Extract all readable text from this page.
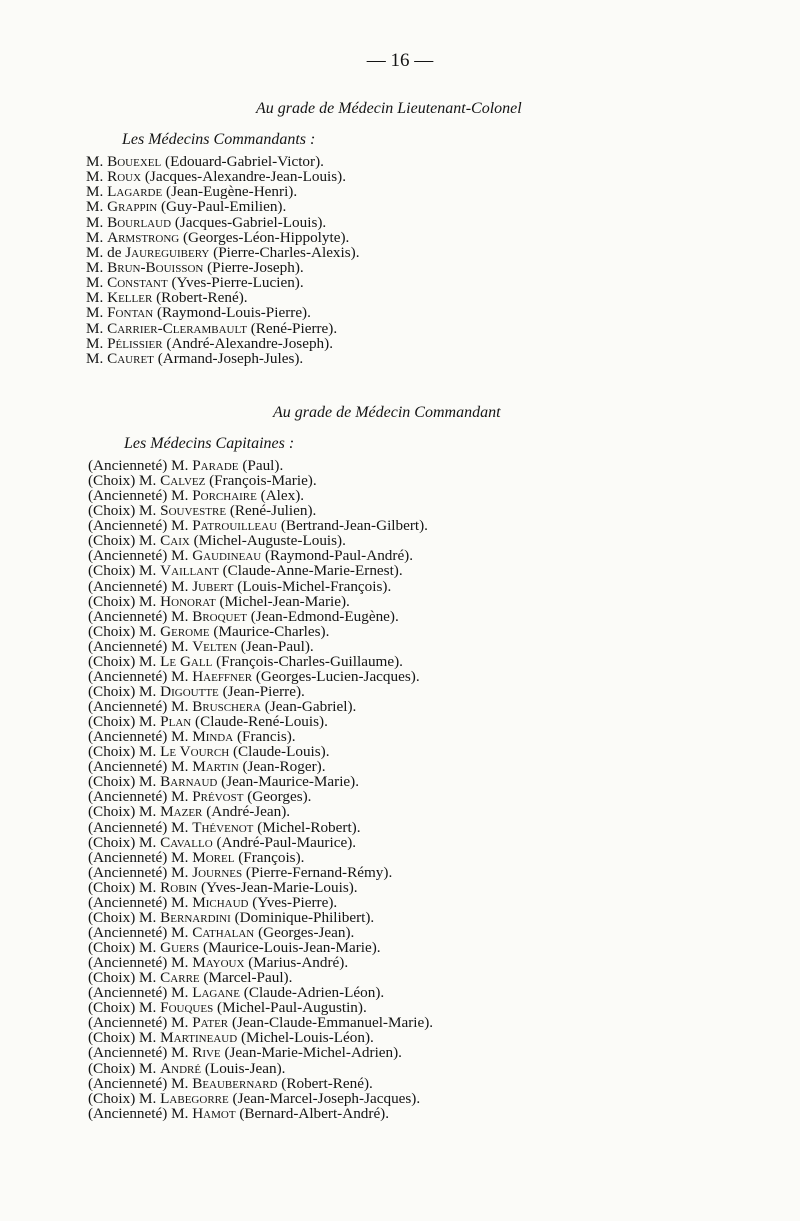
— 16 —
Au grade de Médecin Lieutenant-Colonel
Les Médecins Commandants :
M. Bouexel (Edouard-Gabriel-Victor).
M. Roux (Jacques-Alexandre-Jean-Louis).
M. Lagarde (Jean-Eugène-Henri).
M. Grappin (Guy-Paul-Emilien).
M. Bourlaud (Jacques-Gabriel-Louis).
M. Armstrong (Georges-Léon-Hippolyte).
M. de Jaureguibery (Pierre-Charles-Alexis).
M. Brun-Bouisson (Pierre-Joseph).
M. Constant (Yves-Pierre-Lucien).
M. Keller (Robert-René).
M. Fontan (Raymond-Louis-Pierre).
M. Carrier-Clerambault (René-Pierre).
M. Pélissier (André-Alexandre-Joseph).
M. Cauret (Armand-Joseph-Jules).
Au grade de Médecin Commandant
Les Médecins Capitaines :
(Ancienneté) M. Parade (Paul).
(Choix) M. Calvez (François-Marie).
(Ancienneté) M. Porchaire (Alex).
(Choix) M. Souvestre (René-Julien).
(Ancienneté) M. Patrouilleau (Bertrand-Jean-Gilbert).
(Choix) M. Caix (Michel-Auguste-Louis).
(Ancienneté) M. Gaudineau (Raymond-Paul-André).
(Choix) M. Vaillant (Claude-Anne-Marie-Ernest).
(Ancienneté) M. Jubert (Louis-Michel-François).
(Choix) M. Honorat (Michel-Jean-Marie).
(Ancienneté) M. Broquet (Jean-Edmond-Eugène).
(Choix) M. Gerome (Maurice-Charles).
(Ancienneté) M. Velten (Jean-Paul).
(Choix) M. Le Gall (François-Charles-Guillaume).
(Ancienneté) M. Haeffner (Georges-Lucien-Jacques).
(Choix) M. Digoutte (Jean-Pierre).
(Ancienneté) M. Bruschera (Jean-Gabriel).
(Choix) M. Plan (Claude-René-Louis).
(Ancienneté) M. Minda (Francis).
(Choix) M. Le Vourch (Claude-Louis).
(Ancienneté) M. Martin (Jean-Roger).
(Choix) M. Barnaud (Jean-Maurice-Marie).
(Ancienneté) M. Prévost (Georges).
(Choix) M. Mazer (André-Jean).
(Ancienneté) M. Thévenot (Michel-Robert).
(Choix) M. Cavallo (André-Paul-Maurice).
(Ancienneté) M. Morel (François).
(Ancienneté) M. Journes (Pierre-Fernand-Rémy).
(Choix) M. Robin (Yves-Jean-Marie-Louis).
(Ancienneté) M. Michaud (Yves-Pierre).
(Choix) M. Bernardini (Dominique-Philibert).
(Ancienneté) M. Cathalan (Georges-Jean).
(Choix) M. Guers (Maurice-Louis-Jean-Marie).
(Ancienneté) M. Mayoux (Marius-André).
(Choix) M. Carre (Marcel-Paul).
(Ancienneté) M. Lagane (Claude-Adrien-Léon).
(Choix) M. Fouques (Michel-Paul-Augustin).
(Ancienneté) M. Pater (Jean-Claude-Emmanuel-Marie).
(Choix) M. Martineaud (Michel-Louis-Léon).
(Ancienneté) M. Rive (Jean-Marie-Michel-Adrien).
(Choix) M. André (Louis-Jean).
(Ancienneté) M. Beaubernard (Robert-René).
(Choix) M. Labegorre (Jean-Marcel-Joseph-Jacques).
(Ancienneté) M. Hamot (Bernard-Albert-André).
